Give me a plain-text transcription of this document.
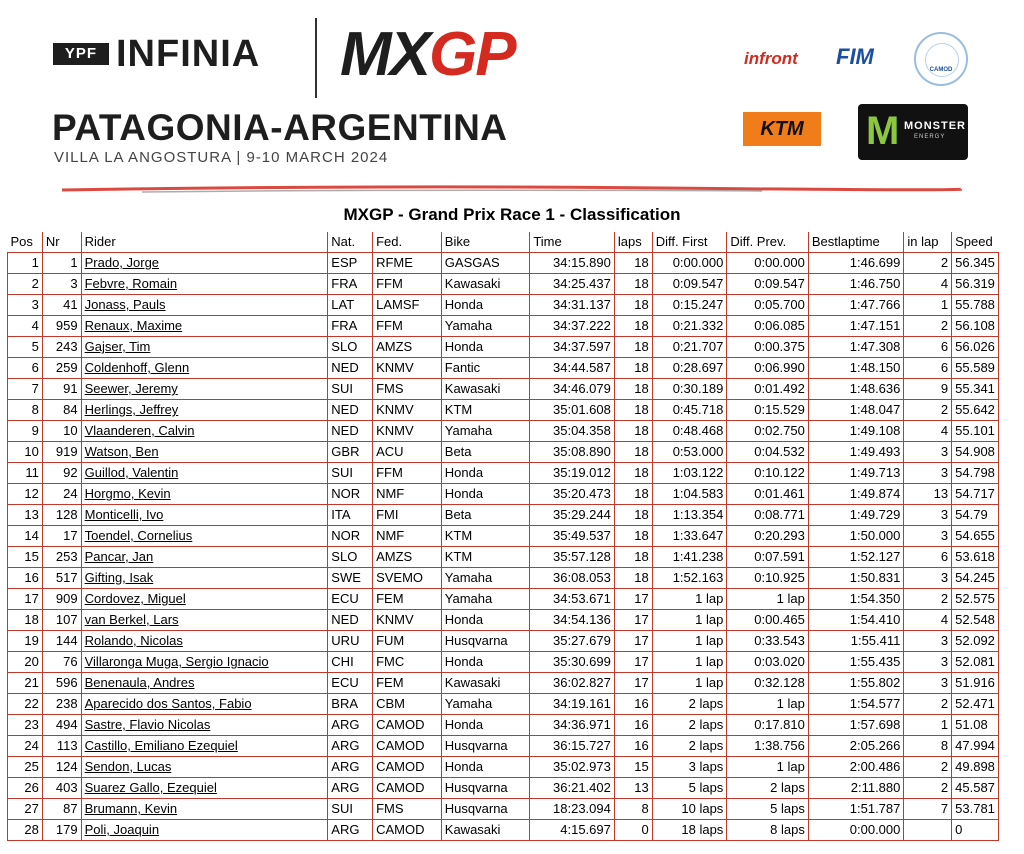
YPF INFINIA MXGP
PATAGONIA-ARGENTINA
VILLA LA ANGOSTURA | 9-10 MARCH 2024
infront FIM
CAMOD
KTM	M MONSTER
ENERGY
MXGP - Grand Prix Race 1 - Classification
Pos	Nr	Rider	Nat.	Fed.	Bike	Time	laps	Diff. First	Diff. Prev.	Bestlaptime	in lap	Speed
1	1	Prado, Jorge	ESP	RFME	GASGAS	34:15.890	18	0:00.000	0:00.000	1:46.699	2	56.345
2	3	Febvre, Romain	FRA	FFM	Kawasaki	34:25.437	18	0:09.547	0:09.547	1:46.750	4	56.319
3	41	Jonass, Pauls	LAT	LAMSF	Honda	34:31.137	18	0:15.247	0:05.700	1:47.766	1	55.788
4	959	Renaux, Maxime	FRA	FFM	Yamaha	34:37.222	18	0:21.332	0:06.085	1:47.151	2	56.108
5	243	Gajser, Tim	SLO	AMZS	Honda	34:37.597	18	0:21.707	0:00.375	1:47.308	6	56.026
6	259	Coldenhoff, Glenn	NED	KNMV	Fantic	34:44.587	18	0:28.697	0:06.990	1:48.150	6	55.589
7	91	Seewer, Jeremy	SUI	FMS	Kawasaki	34:46.079	18	0:30.189	0:01.492	1:48.636	9	55.341
8	84	Herlings, Jeffrey	NED	KNMV	KTM	35:01.608	18	0:45.718	0:15.529	1:48.047	2	55.642
9	10	Vlaanderen, Calvin	NED	KNMV	Yamaha	35:04.358	18	0:48.468	0:02.750	1:49.108	4	55.101
10	919	Watson, Ben	GBR	ACU	Beta	35:08.890	18	0:53.000	0:04.532	1:49.493	3	54.908
11	92	Guillod, Valentin	SUI	FFM	Honda	35:19.012	18	1:03.122	0:10.122	1:49.713	3	54.798
12	24	Horgmo, Kevin	NOR	NMF	Honda	35:20.473	18	1:04.583	0:01.461	1:49.874	13	54.717
13	128	Monticelli, Ivo	ITA	FMI	Beta	35:29.244	18	1:13.354	0:08.771	1:49.729	3	54.79
14	17	Toendel, Cornelius	NOR	NMF	KTM	35:49.537	18	1:33.647	0:20.293	1:50.000	3	54.655
15	253	Pancar, Jan	SLO	AMZS	KTM	35:57.128	18	1:41.238	0:07.591	1:52.127	6	53.618
16	517	Gifting, Isak	SWE	SVEMO	Yamaha	36:08.053	18	1:52.163	0:10.925	1:50.831	3	54.245
17	909	Cordovez, Miguel	ECU	FEM	Yamaha	34:53.671	17	1 lap	1 lap	1:54.350	2	52.575
18	107	van Berkel, Lars	NED	KNMV	Honda	34:54.136	17	1 lap	0:00.465	1:54.410	4	52.548
19	144	Rolando, Nicolas	URU	FUM	Husqvarna	35:27.679	17	1 lap	0:33.543	1:55.411	3	52.092
20	76	Villaronga Muga, Sergio Ignacio	CHI	FMC	Honda	35:30.699	17	1 lap	0:03.020	1:55.435	3	52.081
21	596	Benenaula, Andres	ECU	FEM	Kawasaki	36:02.827	17	1 lap	0:32.128	1:55.802	3	51.916
22	238	Aparecido dos Santos, Fabio	BRA	CBM	Yamaha	34:19.161	16	2 laps	1 lap	1:54.577	2	52.471
23	494	Sastre, Flavio Nicolas	ARG	CAMOD	Honda	34:36.971	16	2 laps	0:17.810	1:57.698	1	51.08
24	113	Castillo, Emiliano Ezequiel	ARG	CAMOD	Husqvarna	36:15.727	16	2 laps	1:38.756	2:05.266	8	47.994
25	124	Sendon, Lucas	ARG	CAMOD	Honda	35:02.973	15	3 laps	1 lap	2:00.486	2	49.898
26	403	Suarez Gallo, Ezequiel	ARG	CAMOD	Husqvarna	36:21.402	13	5 laps	2 laps	2:11.880	2	45.587
27	87	Brumann, Kevin	SUI	FMS	Husqvarna	18:23.094	8	10 laps	5 laps	1:51.787	7	53.781
28	179	Poli, Joaquin	ARG	CAMOD	Kawasaki	4:15.697	0	18 laps	8 laps	0:00.000		0
